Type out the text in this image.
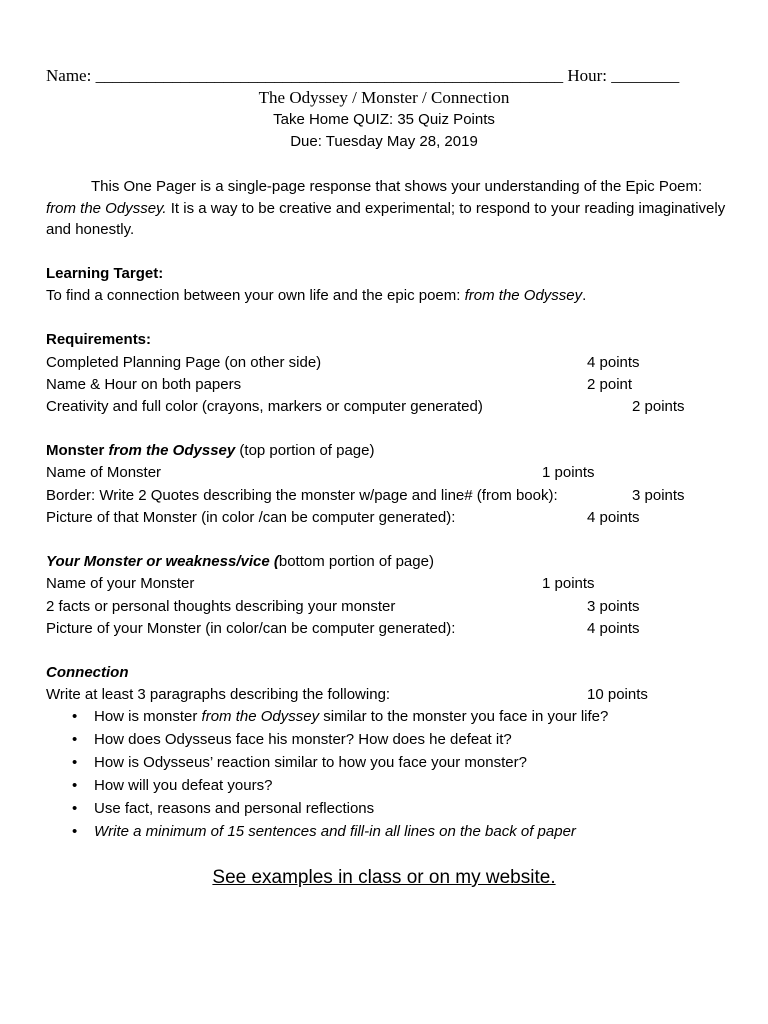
Name: _______________________________________________________ Hour: ________
The Odyssey / Monster / Connection
Take Home QUIZ: 35 Quiz Points
Due: Tuesday May 28, 2019
This One Pager is a single-page response that shows your understanding of the Epic Poem: from the Odyssey. It is a way to be creative and experimental; to respond to your reading imaginatively and honestly.
Learning Target:
To find a connection between your own life and the epic poem: from the Odyssey.
Requirements:
Completed Planning Page (on other side)	4 points
Name & Hour on both papers	2 point
Creativity and full color (crayons, markers or computer generated)	2 points
Monster from the Odyssey (top portion of page)
Name of Monster	1 points
Border: Write 2 Quotes describing the monster w/page and line# (from book):	3 points
Picture of that Monster (in color /can be computer generated):	4 points
Your Monster or weakness/vice (bottom portion of page)
Name of your Monster	1 points
2 facts or personal thoughts describing your monster	3 points
Picture of your Monster (in color/can be computer generated):	4 points
Connection
Write at least 3 paragraphs describing the following:	10 points
• How is monster from the Odyssey similar to the monster you face in your life?
• How does Odysseus face his monster? How does he defeat it?
• How is Odysseus’ reaction similar to how you face your monster?
• How will you defeat yours?
• Use fact, reasons and personal reflections
• Write a minimum of 15 sentences and fill-in all lines on the back of paper
See examples in class or on my website.
